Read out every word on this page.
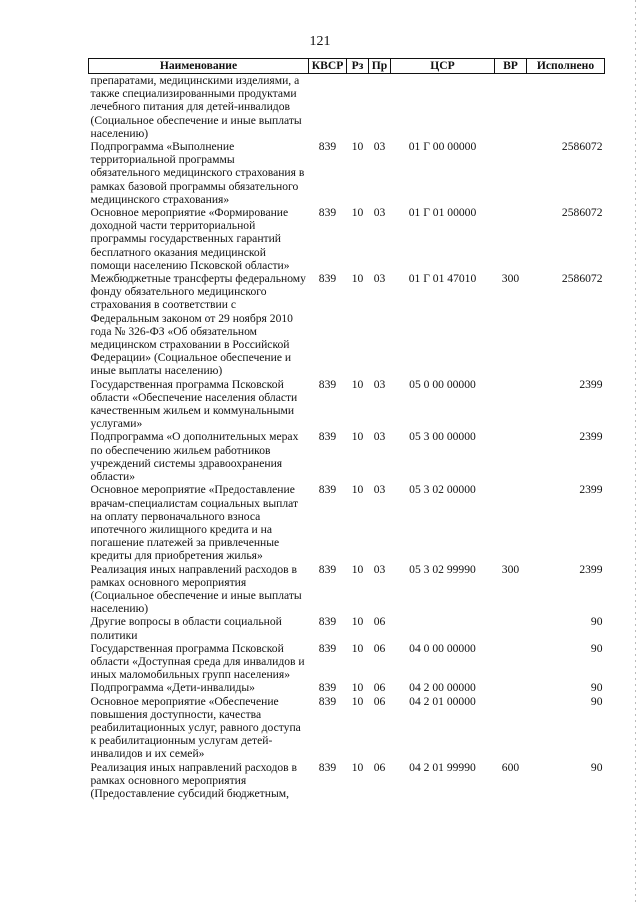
121
Наименование	КВСР	Рз	Пр	ЦСР	ВР	Исполнено
препаратами, медицинскими изделиями, а также специализированными продуктами лечебного питания для детей-инвалидов (Социальное обеспечение и иные выплаты населению)						
Подпрограмма «Выполнение территориальной программы обязательного медицинского страхования в рамках базовой программы обязательного медицинского страхования»	839	10	03	01 Г 00 00000		2586072
Основное мероприятие «Формирование доходной части территориальной программы государственных гарантий бесплатного оказания медицинской помощи населению Псковской области»	839	10	03	01 Г 01 00000		2586072
Межбюджетные трансферты федеральному фонду обязательного медицинского страхования в соответствии с Федеральным законом от 29 ноября 2010 года № 326-ФЗ «Об обязательном медицинском страховании в Российской Федерации» (Социальное обеспечение и иные выплаты населению)	839	10	03	01 Г 01 47010	300	2586072
Государственная программа Псковской области «Обеспечение населения области качественным жильем и коммунальными услугами»	839	10	03	05 0 00 00000		2399
Подпрограмма «О дополнительных мерах по обеспечению жильем работников учреждений системы здравоохранения области»	839	10	03	05 3 00 00000		2399
Основное мероприятие «Предоставление врачам-специалистам социальных выплат на оплату первоначального взноса ипотечного жилищного кредита и на погашение платежей за привлеченные кредиты для приобретения жилья»	839	10	03	05 3 02 00000		2399
Реализация иных направлений расходов в рамках основного мероприятия (Социальное обеспечение и иные выплаты населению)	839	10	03	05 3 02 99990	300	2399
Другие вопросы в области социальной политики	839	10	06			90
Государственная программа Псковской области «Доступная среда для инвалидов и иных маломобильных групп населения»	839	10	06	04 0 00 00000		90
Подпрограмма «Дети-инвалиды»	839	10	06	04 2 00 00000		90
Основное мероприятие «Обеспечение повышения доступности, качества реабилитационных услуг, равного доступа к реабилитационным услугам детей-инвалидов и их семей»	839	10	06	04 2 01 00000		90
Реализация иных направлений расходов в рамках основного мероприятия (Предоставление субсидий бюджетным,	839	10	06	04 2 01 99990	600	90
